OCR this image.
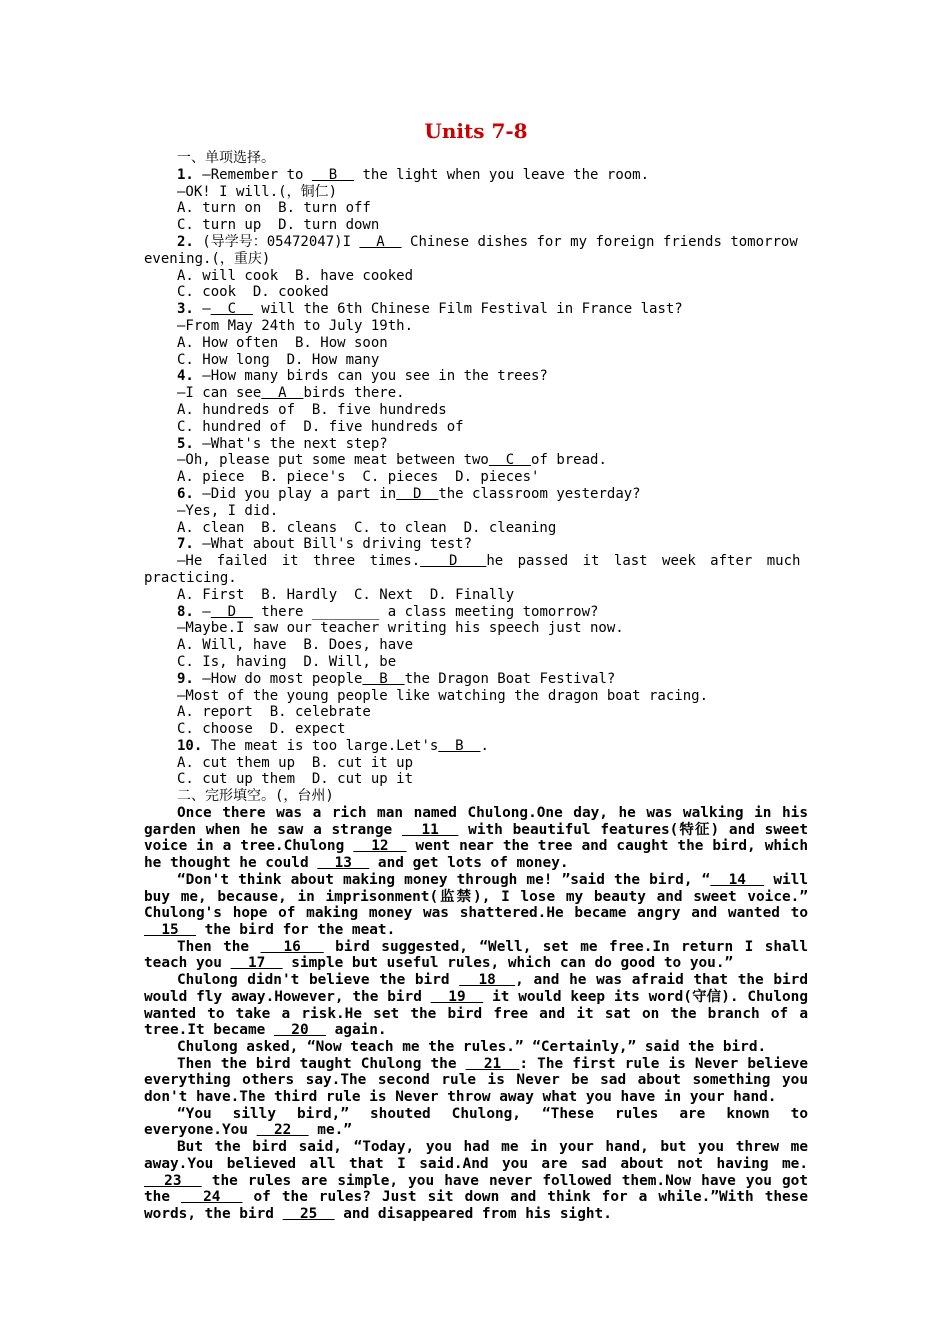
Units 7-8
一、单项选择。
1. —Remember to   B   the light when you leave the room.
—OK! I will.(，铜仁)
A. turn on  B. turn off
C. turn up  D. turn down
2. (导学号：05472047)I   A   Chinese dishes for my foreign friends tomorrow
evening.(，重庆)
A. will cook  B. have cooked
C. cook  D. cooked
3. —  C   will the 6th Chinese Film Festival in France last?
—From May 24th to July 19th.
A. How often  B. How soon
C. How long  D. How many
4. —How many birds can you see in the trees?
—I can see  A  birds there.
A. hundreds of  B. five hundreds
C. hundred of  D. five hundreds of
5. —What's the next step?
—Oh, please put some meat between two  C  of bread.
A. piece  B. piece's  C. pieces  D. pieces'
6. —Did you play a part in  D  the classroom yesterday?
—Yes, I did.
A. clean  B. cleans  C. to clean  D. cleaning
7. —What about Bill's driving test?
—He failed it three times.  D  he passed it last week after much
practicing.
A. First  B. Hardly  C. Next  D. Finally
8. —  D   there ________ a class meeting tomorrow?
—Maybe.I saw our teacher writing his speech just now.
A. Will, have  B. Does, have
C. Is, having  D. Will, be
9. —How do most people  B  the Dragon Boat Festival?
—Most of the young people like watching the dragon boat racing.
A. report  B. celebrate
C. choose  D. expect
10. The meat is too large.Let's  B  .
A. cut them up  B. cut it up
C. cut up them  D. cut up it
二、完形填空。(，台州)

Once there was a rich man named Chulong.One day, he was walking in his garden when he saw a strange   11   with beautiful features(特征) and sweet voice in a tree.Chulong   12   went near the tree and caught the bird, which he thought he could   13   and get lots of money.

“Don't think about making money through me! ”said the bird, “  14   will buy me, because, in imprisonment(监禁), I lose my beauty and sweet voice.” Chulong's hope of making money was shattered.He became angry and wanted to   15   the bird for the meat.

Then the   16   bird suggested, “Well, set me free.In return I shall teach you   17   simple but useful rules, which can do good to you.”

Chulong didn't believe the bird   18  , and he was afraid that the bird would fly away.However, the bird   19   it would keep its word(守信). Chulong wanted to take a risk.He set the bird free and it sat on the branch of a tree.It became   20   again.

Chulong asked, “Now teach me the rules.” “Certainly,” said the bird.

Then the bird taught Chulong the   21  : The first rule is Never believe everything others say.The second rule is Never be sad about something you don't have.The third rule is Never throw away what you have in your hand.

“You silly bird,” shouted Chulong, “These rules are known to everyone.You   22   me.”

But the bird said, “Today, you had me in your hand, but you threw me away.You believed all that I said.And you are sad about not having me.   23   the rules are simple, you have never followed them.Now have you got the   24   of the rules? Just sit down and think for a while.”With these words, the bird   25   and disappeared from his sight.
